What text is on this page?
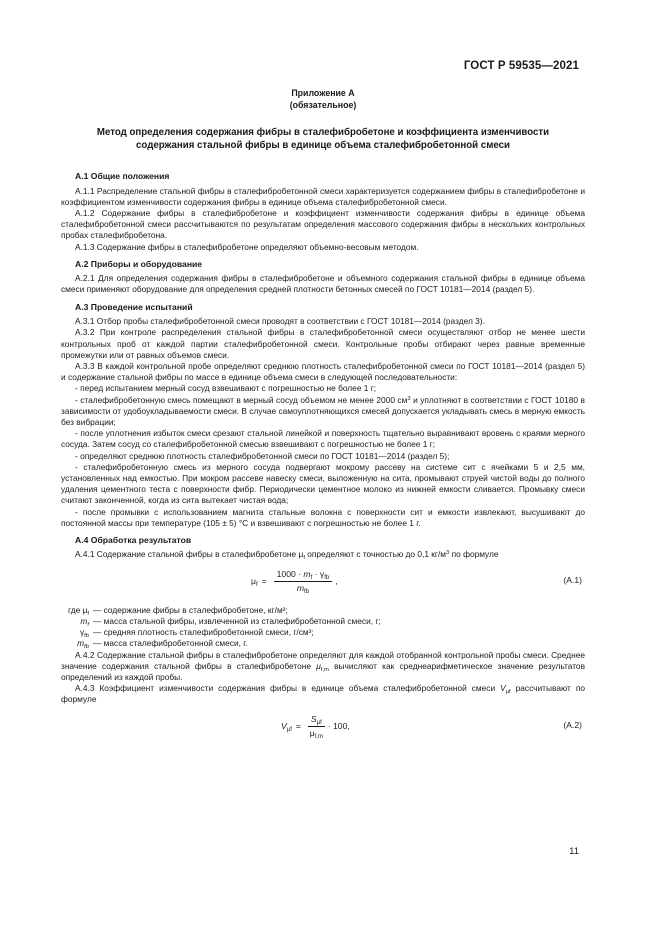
ГОСТ Р 59535—2021
Приложение А
(обязательное)
Метод определения содержания фибры в сталефибробетоне и коэффициента изменчивости
содержания стальной фибры в единице объема сталефибробетонной смеси
А.1 Общие положения

А.1.1 Распределение стальной фибры в сталефибробетонной смеси характеризуется содержанием фибры в сталефибробетоне и коэффициентом изменчивости содержания фибры в единице объема сталефибробетонной смеси.

А.1.2 Содержание фибры в сталефибробетоне и коэффициент изменчивости содержания фибры в единице объема сталефибробетонной смеси рассчитываются по результатам определения массового содержания фибры в нескольких контрольных пробах сталефибробетона.

А.1.3 Содержание фибры в сталефибробетоне определяют объемно-весовым методом.

А.2 Приборы и оборудование

А.2.1 Для определения содержания фибры в сталефибробетоне и объемного содержания стальной фибры в единице объема смеси применяют оборудование для определения средней плотности бетонных смесей по ГОСТ 10181—2014 (раздел 5).

А.3 Проведение испытаний

А.3.1 Отбор пробы сталефибробетонной смеси проводят в соответствии с ГОСТ 10181—2014 (раздел 3).

А.3.2 При контроле распределения стальной фибры в сталефибробетонной смеси осуществляют отбор не менее шести контрольных проб от каждой партии сталефибробетонной смеси. Контрольные пробы отбирают через равные временные промежутки или от равных объемов смеси.

А.3.3 В каждой контрольной пробе определяют среднюю плотность сталефибробетонной смеси по ГОСТ 10181—2014 (раздел 5) и содержание стальной фибры по массе в единице объема смеси в следующей последовательности:

- перед испытанием мерный сосуд взвешивают с погрешностью не более 1 г;

- сталефибробетонную смесь помещают в мерный сосуд объемом не менее 2000 $см^3$ и уплотняют в соответствии с ГОСТ 10180 в зависимости от удобоукладываемости смеси. В случае самоуплотняющихся смесей допускается укладывать смесь в мерную емкость без вибрации;

- после уплотнения избыток смеси срезают стальной линейкой и поверхность тщательно выравнивают вровень с краями мерного сосуда. Затем сосуд со сталефибробетонной смесью взвешивают с погрешностью не более 1 г;

- определяют среднюю плотность сталефибробетонной смеси по ГОСТ 10181—2014 (раздел 5);

- сталефибробетонную смесь из мерного сосуда подвергают мокрому рассеву на системе сит с ячейками 5 и 2,5 мм, установленных над емкостью. При мокром рассеве навеску смеси, выложенную на сита, промывают струей чистой воды до полного удаления цементного теста с поверхности фибр. Периодически цементное молоко из нижней емкости сливается. Промывку смеси считают законченной, когда из сита вытекает чистая вода;

- после промывки с использованием магнита стальные волокна с поверхности сит и емкости извлекают, высушивают до постоянной массы при температуре (105 ± 5) °С и взвешивают с погрешностью не более 1 г.

А.4 Обработка результатов

А.4.1 Содержание стальной фибры в сталефибробетоне $\mu_f$ определяют с точностью до 0,1 $кг/м^3$ по формуле

$\mu_f = \frac{1000 \cdot m_f \cdot \gamma_{fb}}{m_{fb}}$ ,	(А.1)
где $\mu_f$ — содержание фибры в сталефибробетоне, кг/м³;
$m_f$ — масса стальной фибры, извлеченной из сталефибробетонной смеси, г;
$\gamma_{fb}$ — средняя плотность сталефибробетонной смеси, г/см³;
$m_{fb}$ — масса сталефибробетонной смеси, г.

А.4.2 Содержание стальной фибры в сталефибробетоне определяют для каждой отобранной контрольной пробы смеси. Среднее значение содержания стальной фибры в сталефибробетоне $\mu_{f,m}$ вычисляют как среднеарифметическое значение результатов определений из каждой пробы.

А.4.3 Коэффициент изменчивости содержания фибры в единице объема сталефибробетонной смеси $V_{\mu f}$ рассчитывают по формуле

$V_{\mu f} = \frac{S_{\mu f}}{\mu_{f,m}} \cdot 100$,	(А.2)
11
